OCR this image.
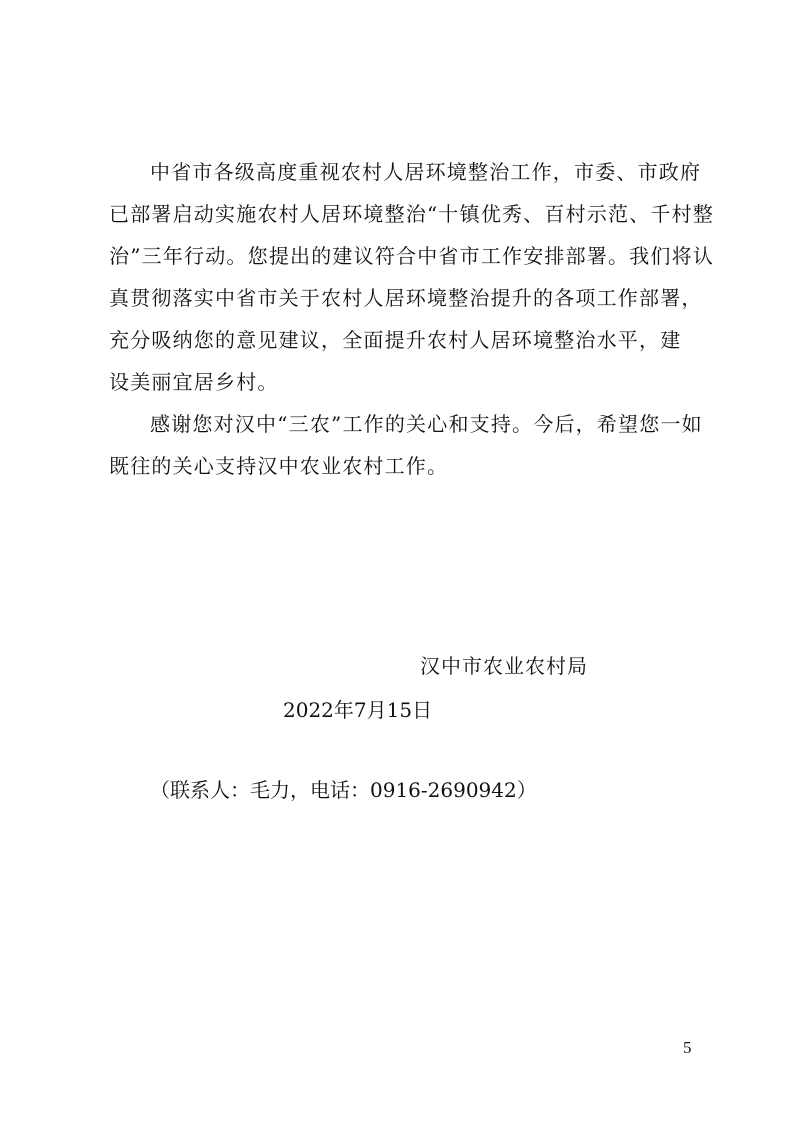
中省市各级高度重视农村人居环境整治工作，市委、市政府
已部署启动实施农村人居环境整治“十镇优秀、百村示范、千村整
治”三年行动。您提出的建议符合中省市工作安排部署。我们将认
真贯彻落实中省市关于农村人居环境整治提升的各项工作部署，
充分吸纳您的意见建议，全面提升农村人居环境整治水平，建
设美丽宜居乡村。
感谢您对汉中“三农”工作的关心和支持。今后，希望您一如
既往的关心支持汉中农业农村工作。
汉中市农业农村局
2022年7月15日
（联系人：毛力，电话：0916-2690942）
5
